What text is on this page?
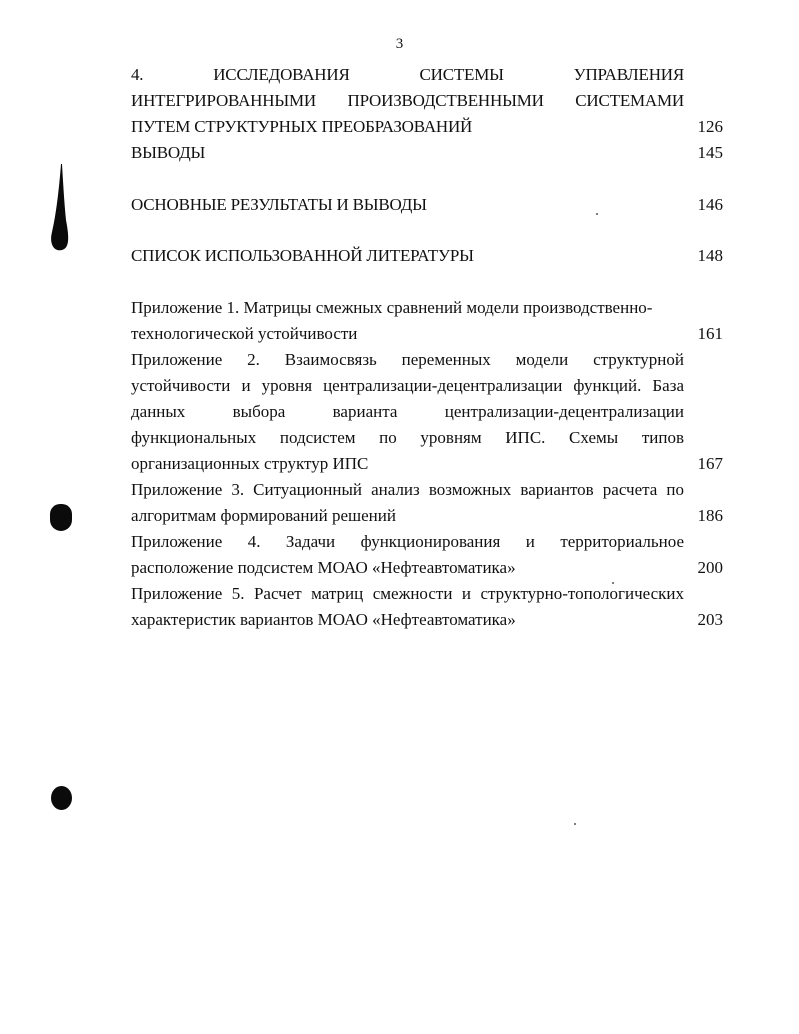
3
4. ИССЛЕДОВАНИЯ СИСТЕМЫ УПРАВЛЕНИЯ
ИНТЕГРИРОВАННЫМИ ПРОИЗВОДСТВЕННЫМИ СИСТЕМАМИ
ПУТЕМ СТРУКТУРНЫХ ПРЕОБРАЗОВАНИЙ	126
ВЫВОДЫ	145
ОСНОВНЫЕ РЕЗУЛЬТАТЫ И ВЫВОДЫ	146
СПИСОК ИСПОЛЬЗОВАННОЙ ЛИТЕРАТУРЫ	148
Приложение 1. Матрицы смежных сравнений модели производственно-
технологической устойчивости	161
Приложение 2. Взаимосвязь переменных модели структурной
устойчивости и уровня централизации-децентрализации функций. База
данных выбора варианта централизации-децентрализации
функциональных подсистем по уровням ИПС. Схемы типов
организационных структур ИПС	167
Приложение 3. Ситуационный анализ возможных вариантов расчета по
алгоритмам формирований решений	186
Приложение 4. Задачи функционирования и территориальное
расположение подсистем МОАО «Нефтеавтоматика»	200
Приложение 5. Расчет матриц смежности и структурно-топологических
характеристик вариантов МОАО «Нефтеавтоматика»	203
